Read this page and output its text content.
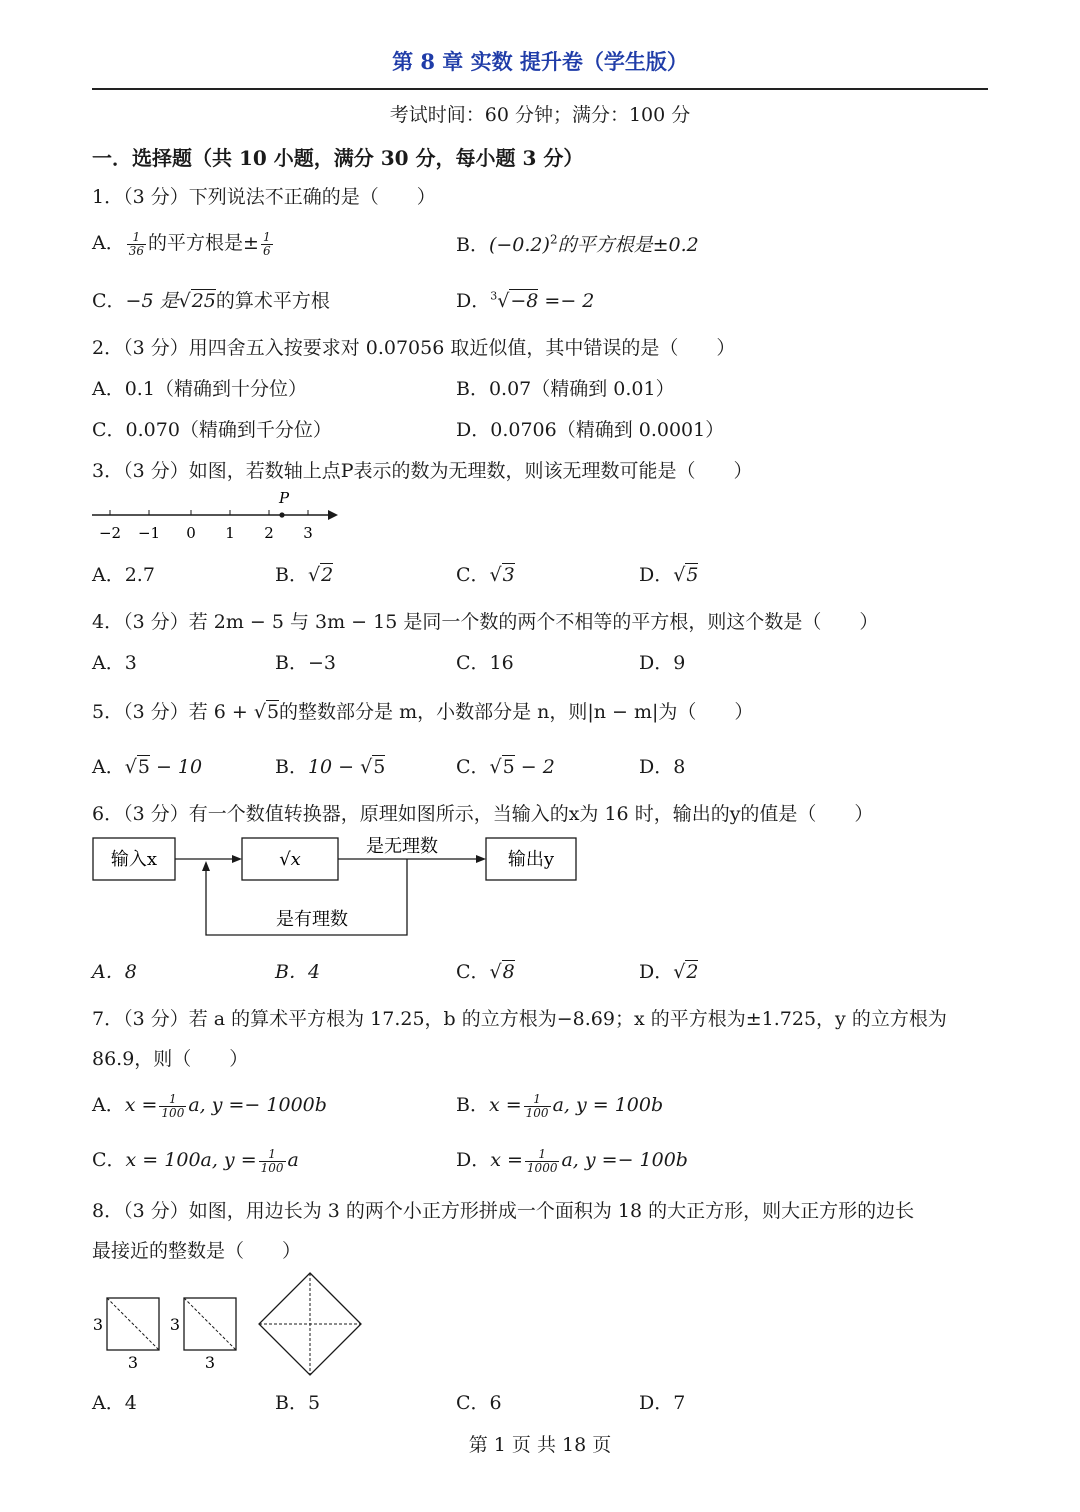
第 8 章 实数 提升卷（学生版）
考试时间：60 分钟；满分：100 分
一．选择题（共 10 小题，满分 30 分，每小题 3 分）
1．（3 分）下列说法不正确的是（　　）
A． $\frac{1}{36}$ 的平方根是± $\frac{1}{6}$	B．$(-0.2)^2$的平方根是±0.2
C．−5 是√25的算术平方根	D．$^3$√−8 =− 2
2．（3 分）用四舍五入按要求对 0.07056 取近似值，其中错误的是（　　）
A．0.1（精确到十分位）	B．0.07（精确到 0.01）
C．0.070（精确到千分位）	D．0.0706（精确到 0.0001）
3．（3 分）如图，若数轴上点P表示的数为无理数，则该无理数可能是（　　）
−2 −1 0 1 2 3
P
A．2.7	B．√2	C．√3	D．√5
4．（3 分）若 2m − 5 与 3m − 15 是同一个数的两个不相等的平方根，则这个数是（　　）
A．3	B．−3	C．16	D．9
5．（3 分）若 6 + √5的整数部分是 m，小数部分是 n，则|n − m|为（　　）
A．√5 − 10	B．10 − √5	C．√5 − 2	D．8
6．（3 分）有一个数值转换器，原理如图所示，当输入的x为 16 时，输出的y的值是（　　）
输入x	√x
是无理数
输出y
是有理数
A．8	B．4	C．√8	D．√2
7．（3 分）若 a 的算术平方根为 17.25，b 的立方根为−8.69；x 的平方根为±1.725，y 的立方根为
86.9，则（　　）
A．$x = \frac{1}{100} a$, y =− 1000b	B．$x = \frac{1}{100} a$, y = 100b
C．x = 100a, $y = \frac{1}{100}$ a	D．$x = \frac{1}{1000} a$, y =− 100b
8．（3 分）如图，用边长为 3 的两个小正方形拼成一个面积为 18 的大正方形，则大正方形的边长
最接近的整数是（　　）
3
3
3
3
A．4	B．5	C．6	D．7
第 1 页 共 18 页
